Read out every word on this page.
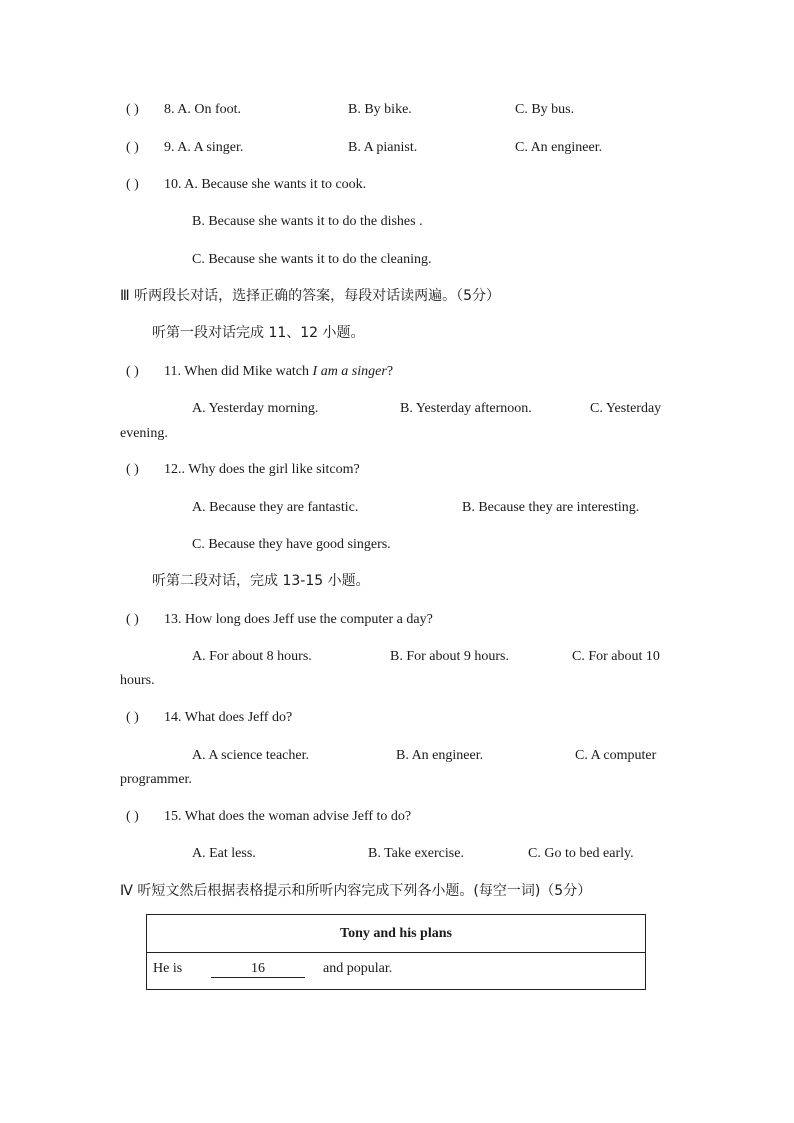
( ) 8. A. On foot.	B. By bike.	C. By bus.
( ) 9. A. A singer.	B. A pianist.	C. An engineer.
( ) 10. A. Because she wants it to cook.
B. Because she wants it to do the dishes .
C. Because she wants it to do the cleaning.
Ⅲ 听两段长对话，选择正确的答案，每段对话读两遍。（5分）
听第一段对话完成 11、12 小题。
( ) 11. When did Mike watch I am a singer?
A. Yesterday morning.	B. Yesterday afternoon.	C. Yesterday
evening.
( ) 12.. Why does the girl like sitcom?
A. Because they are fantastic.	B. Because they are interesting.
C. Because they have good singers.
听第二段对话，完成 13-15 小题。
( ) 13. How long does Jeff use the computer a day?
A. For about 8 hours.	B. For about 9 hours.	C. For about 10
hours.
( ) 14. What does Jeff do?
A. A science teacher.	B. An engineer.	C. A computer
programmer.
( ) 15. What does the woman advise Jeff to do?
A. Eat less.	B. Take exercise.	C. Go to bed early.
Ⅳ 听短文然后根据表格提示和所听内容完成下列各小题。(每空一词)（5分）
Tony and his plans
He is	16	and popular.
